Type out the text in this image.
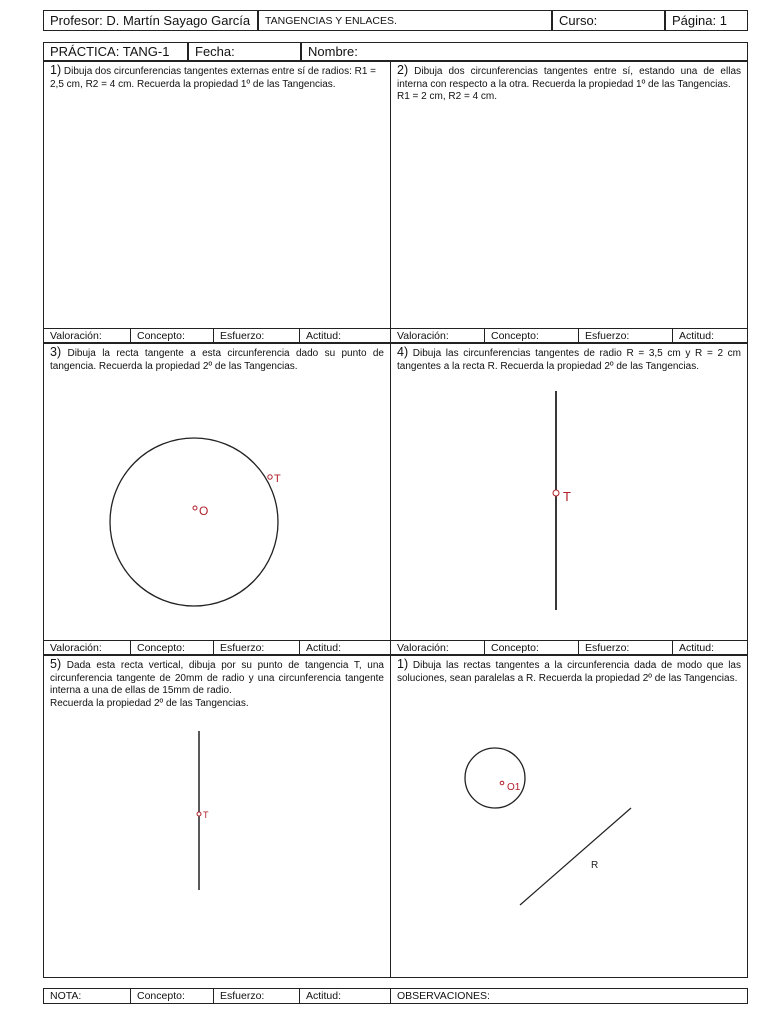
Profesor: D. Martín Sayago García	TANGENCIAS Y ENLACES.	Curso:	Página: 1
PRÁCTICA: TANG-1	Fecha:	Nombre:
1) Dibuja dos circunferencias tangentes externas entre sí de radios: R1 = 2,5 cm, R2 = 4 cm. Recuerda la propiedad 1º de las Tangencias.
Valoración:	Concepto:	Esfuerzo:	Actitud:
2) Dibuja dos circunferencias tangentes entre sí, estando una de ellas interna con respecto a la otra. Recuerda la propiedad 1º de las Tangencias.
R1 = 2 cm, R2 = 4 cm.
Valoración:	Concepto:	Esfuerzo:	Actitud:
3) Dibuja la recta tangente a esta circunferencia dado su punto de tangencia. Recuerda la propiedad 2º de las Tangencias.
T
O
Valoración:	Concepto:	Esfuerzo:	Actitud:
4) Dibuja las circunferencias tangentes de radio R = 3,5 cm y R = 2 cm tangentes a la recta R. Recuerda la propiedad 2º de las Tangencias.
T
Valoración:	Concepto:	Esfuerzo:	Actitud:
5) Dada esta recta vertical, dibuja por su punto de tangencia T, una circunferencia tangente de 20mm de radio y una circunferencia tangente interna a una de ellas de 15mm de radio.
Recuerda la propiedad 2º de las Tangencias.
T
1) Dibuja las rectas tangentes a la circunferencia dada de modo que las soluciones, sean paralelas a R. Recuerda la propiedad 2º de las Tangencias.
O1
R
NOTA:	Concepto:	Esfuerzo:	Actitud:	OBSERVACIONES:
